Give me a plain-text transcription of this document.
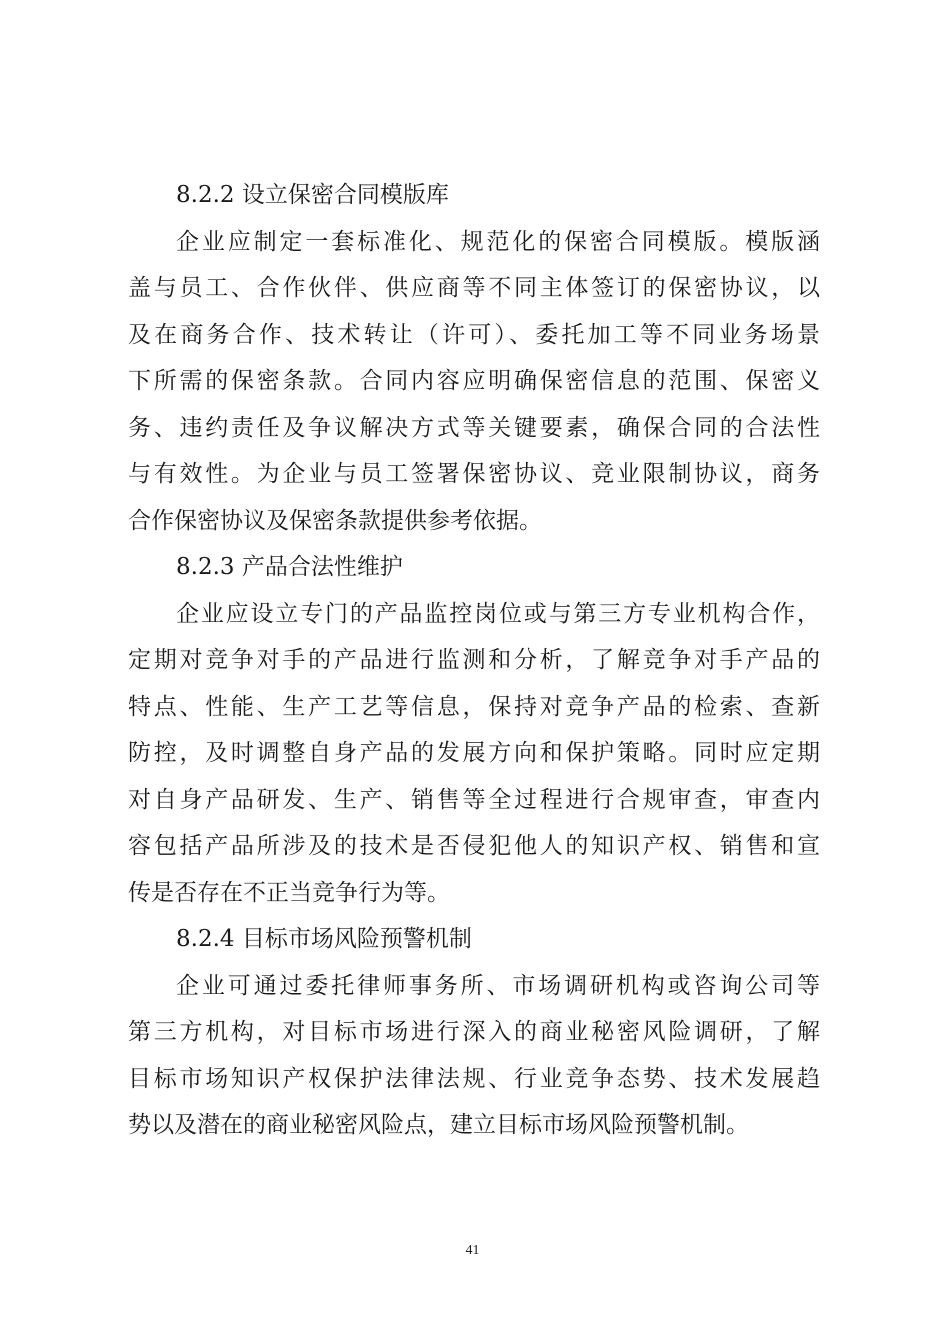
8.2.2 设立保密合同模版库
企业应制定一套标准化、规范化的保密合同模版。模版涵
盖与员工、合作伙伴、供应商等不同主体签订的保密协议，以
及在商务合作、技术转让（许可）、委托加工等不同业务场景
下所需的保密条款。合同内容应明确保密信息的范围、保密义
务、违约责任及争议解决方式等关键要素，确保合同的合法性
与有效性。为企业与员工签署保密协议、竞业限制协议，商务
合作保密协议及保密条款提供参考依据。
8.2.3 产品合法性维护
企业应设立专门的产品监控岗位或与第三方专业机构合作，
定期对竞争对手的产品进行监测和分析，了解竞争对手产品的
特点、性能、生产工艺等信息，保持对竞争产品的检索、查新
防控，及时调整自身产品的发展方向和保护策略。同时应定期
对自身产品研发、生产、销售等全过程进行合规审查，审查内
容包括产品所涉及的技术是否侵犯他人的知识产权、销售和宣
传是否存在不正当竞争行为等。
8.2.4 目标市场风险预警机制
企业可通过委托律师事务所、市场调研机构或咨询公司等
第三方机构，对目标市场进行深入的商业秘密风险调研，了解
目标市场知识产权保护法律法规、行业竞争态势、技术发展趋
势以及潜在的商业秘密风险点，建立目标市场风险预警机制。
41
